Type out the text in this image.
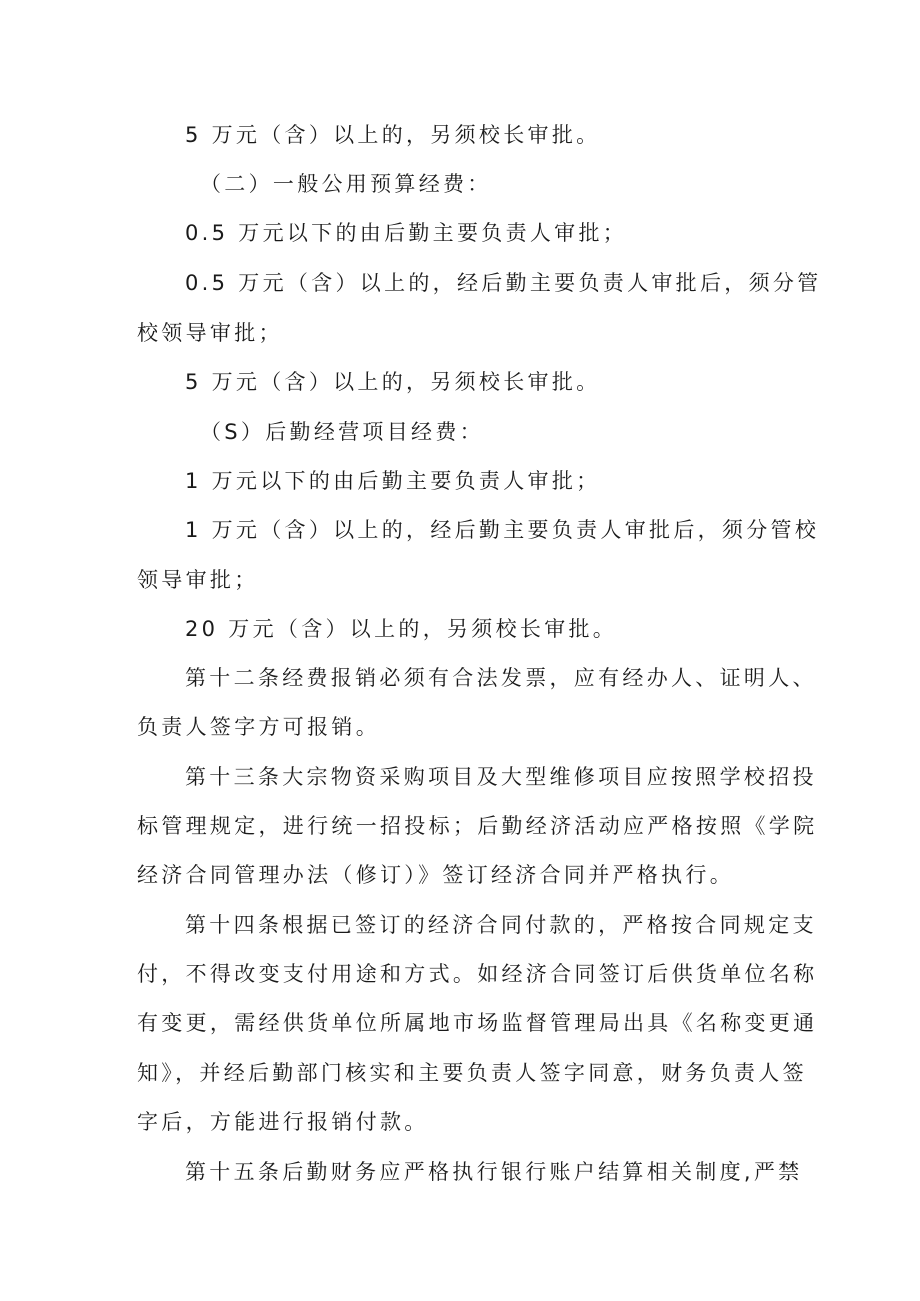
5 万元（含）以上的，另须校长审批。
（二）一般公用预算经费：
0.5 万元以下的由后勤主要负责人审批；
0.5 万元（含）以上的，经后勤主要负责人审批后，须分管
校领导审批；
5 万元（含）以上的，另须校长审批。
（S）后勤经营项目经费：
1 万元以下的由后勤主要负责人审批；
1 万元（含）以上的，经后勤主要负责人审批后，须分管校
领导审批；
20 万元（含）以上的，另须校长审批。
第十二条经费报销必须有合法发票，应有经办人、证明人、
负责人签字方可报销。
第十三条大宗物资采购项目及大型维修项目应按照学校招投
标管理规定，进行统一招投标；后勤经济活动应严格按照《学院
经济合同管理办法（修订）》签订经济合同并严格执行。
第十四条根据已签订的经济合同付款的，严格按合同规定支
付，不得改变支付用途和方式。如经济合同签订后供货单位名称
有变更，需经供货单位所属地市场监督管理局出具《名称变更通
知》，并经后勤部门核实和主要负责人签字同意，财务负责人签
字后，方能进行报销付款。
第十五条后勤财务应严格执行银行账户结算相关制度,严禁
